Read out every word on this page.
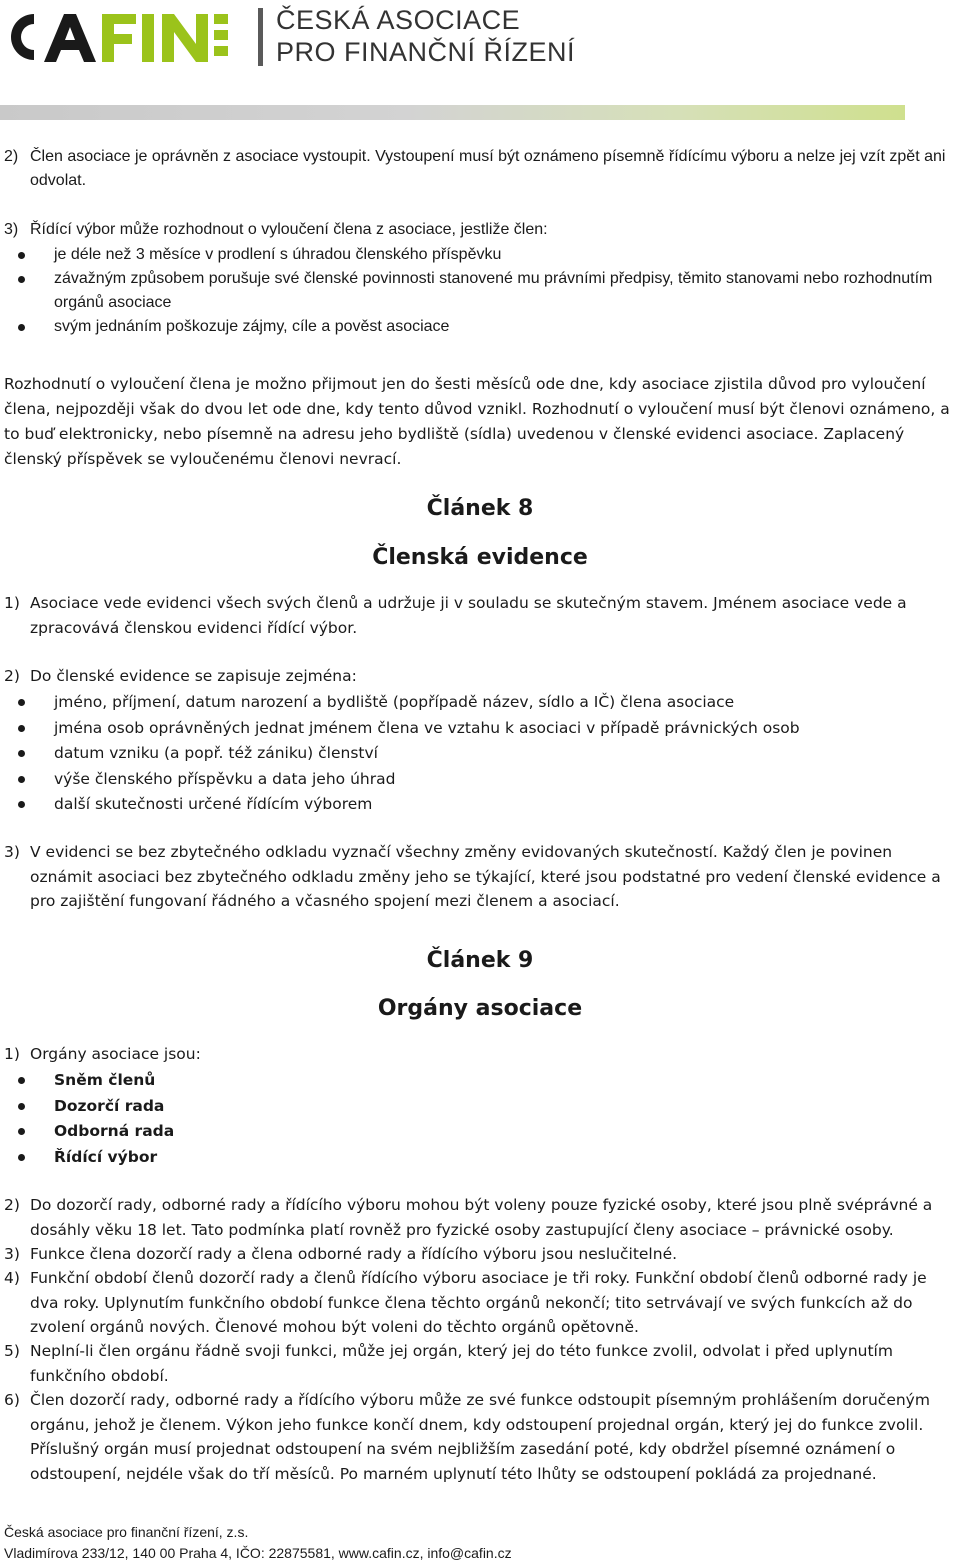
ČESKÁ ASOCIACE
PRO FINANČNÍ ŘÍZENÍ
2) Člen asociace je oprávněn z asociace vystoupit. Vystoupení musí být oznámeno písemně řídícímu výboru a nelze jej vzít zpět ani odvolat.
3) Řídící výbor může rozhodnout o vyloučení člena z asociace, jestliže člen:
je déle než 3 měsíce v prodlení s úhradou členského příspěvku
závažným způsobem porušuje své členské povinnosti stanovené mu právními předpisy, těmito stanovami nebo rozhodnutím orgánů asociace
svým jednáním poškozuje zájmy, cíle a pověst asociace
Rozhodnutí o vyloučení člena je možno přijmout jen do šesti měsíců ode dne, kdy asociace zjistila důvod pro vyloučení člena, nejpozději však do dvou let ode dne, kdy tento důvod vznikl. Rozhodnutí o vyloučení musí být členovi oznámeno, a to buď elektronicky, nebo písemně na adresu jeho bydliště (sídla) uvedenou v členské evidenci asociace. Zaplacený členský příspěvek se vyloučenému členovi nevrací.
Článek 8
Členská evidence
1) Asociace vede evidenci všech svých členů a udržuje ji v souladu se skutečným stavem. Jménem asociace vede a zpracovává členskou evidenci řídící výbor.
2) Do členské evidence se zapisuje zejména:
jméno, příjmení, datum narození a bydliště (popřípadě název, sídlo a IČ) člena asociace
jména osob oprávněných jednat jménem člena ve vztahu k asociaci v případě právnických osob
datum vzniku (a popř. též zániku) členství
výše členského příspěvku a data jeho úhrad
další skutečnosti určené řídícím výborem
3) V evidenci se bez zbytečného odkladu vyznačí všechny změny evidovaných skutečností. Každý člen je povinen oznámit asociaci bez zbytečného odkladu změny jeho se týkající, které jsou podstatné pro vedení členské evidence a pro zajištění fungovaní řádného a včasného spojení mezi členem a asociací.
Článek 9
Orgány asociace
1) Orgány asociace jsou:
Sněm členů
Dozorčí rada
Odborná rada
Řídící výbor
2) Do dozorčí rady, odborné rady a řídícího výboru mohou být voleny pouze fyzické osoby, které jsou plně svéprávné a dosáhly věku 18 let. Tato podmínka platí rovněž pro fyzické osoby zastupující členy asociace – právnické osoby.
3) Funkce člena dozorčí rady a člena odborné rady a řídícího výboru jsou neslučitelné.
4) Funkční období členů dozorčí rady a členů řídícího výboru asociace je tři roky. Funkční období členů odborné rady je dva roky. Uplynutím funkčního období funkce člena těchto orgánů nekončí; tito setrvávají ve svých funkcích až do zvolení orgánů nových. Členové mohou být voleni do těchto orgánů opětovně.
5) Neplní-li člen orgánu řádně svoji funkci, může jej orgán, který jej do této funkce zvolil, odvolat i před uplynutím funkčního období.
6) Člen dozorčí rady, odborné rady a řídícího výboru může ze své funkce odstoupit písemným prohlášením doručeným orgánu, jehož je členem. Výkon jeho funkce končí dnem, kdy odstoupení projednal orgán, který jej do funkce zvolil. Příslušný orgán musí projednat odstoupení na svém nejbližším zasedání poté, kdy obdržel písemné oznámení o odstoupení, nejdéle však do tří měsíců. Po marném uplynutí této lhůty se odstoupení pokládá za projednané.
Česká asociace pro finanční řízení, z.s.
Vladimírova 233/12, 140 00 Praha 4, IČO: 22875581, www.cafin.cz, info@cafin.cz
